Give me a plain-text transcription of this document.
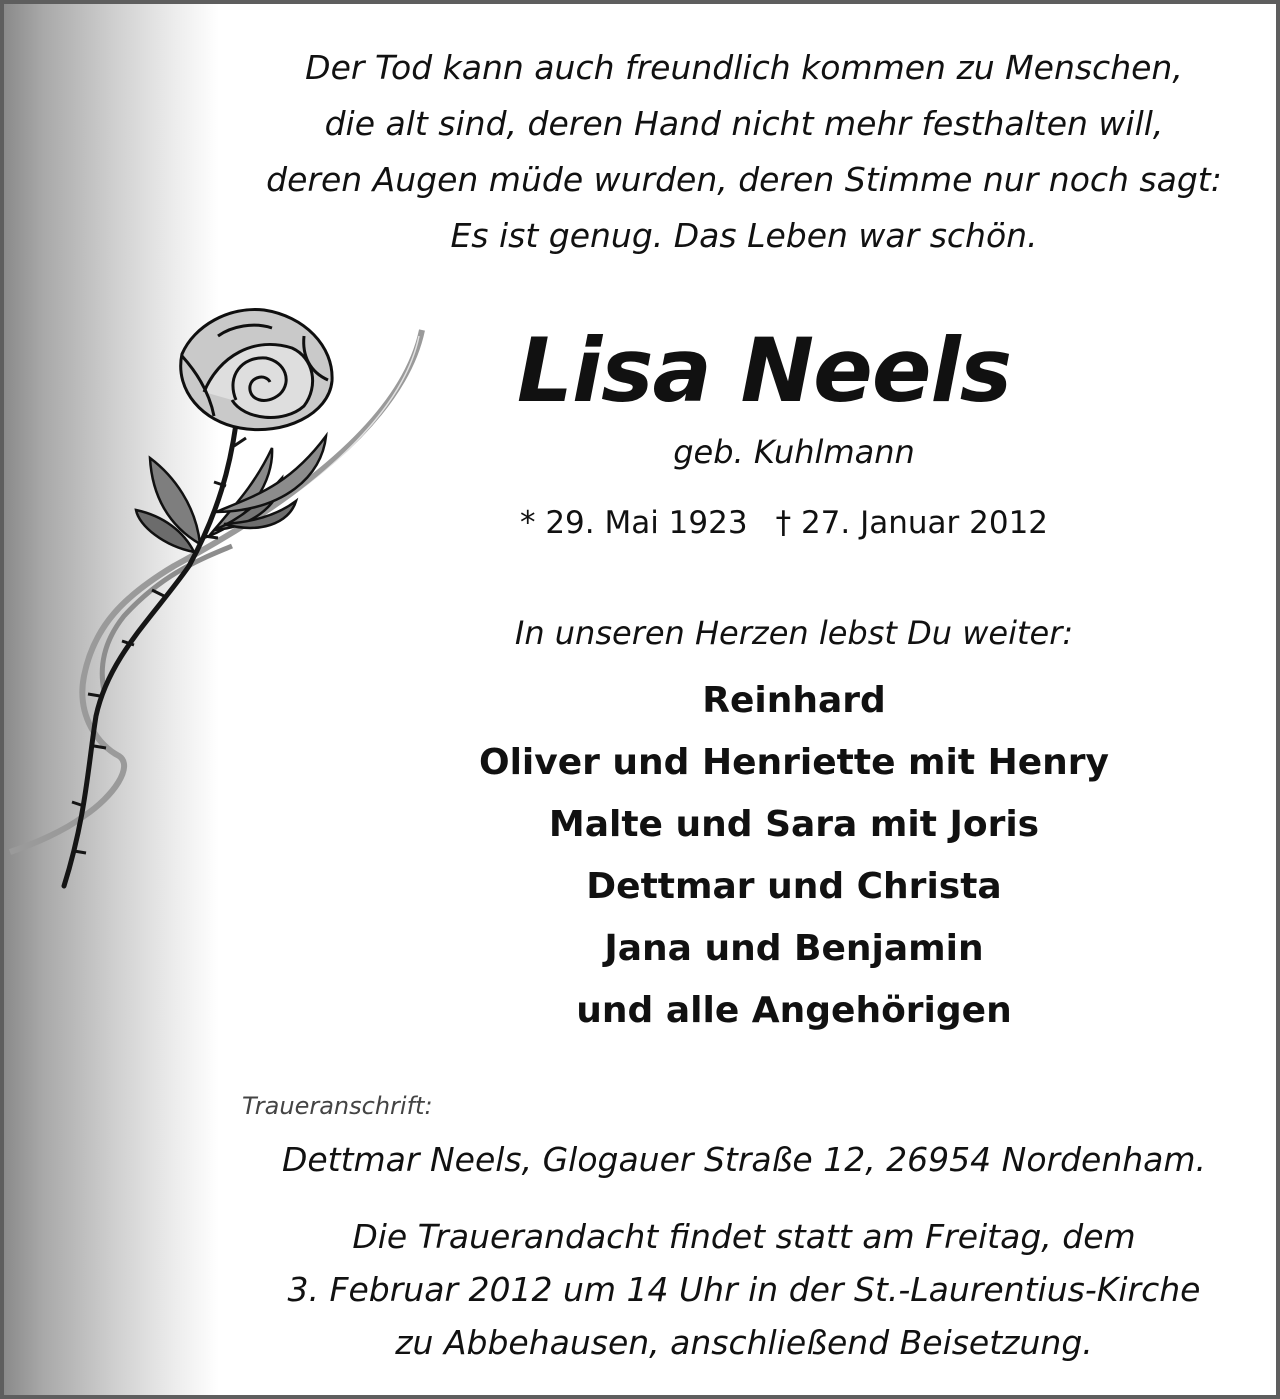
Der Tod kann auch freundlich kommen zu Menschen,
die alt sind, deren Hand nicht mehr festhalten will,
deren Augen müde wurden, deren Stimme nur noch sagt:
Es ist genug. Das Leben war schön.
Lisa Neels
geb. Kuhlmann
* 29. Mai 1923 † 27. Januar 2012
In unseren Herzen lebst Du weiter:
Reinhard
Oliver und Henriette mit Henry
Malte und Sara mit Joris
Dettmar und Christa
Jana und Benjamin
und alle Angehörigen
Traueranschrift:
Dettmar Neels, Glogauer Straße 12, 26954 Nordenham.
Die Trauerandacht findet statt am Freitag, dem
3. Februar 2012 um 14 Uhr in der St.-Laurentius-Kirche
zu Abbehausen, anschließend Beisetzung.
